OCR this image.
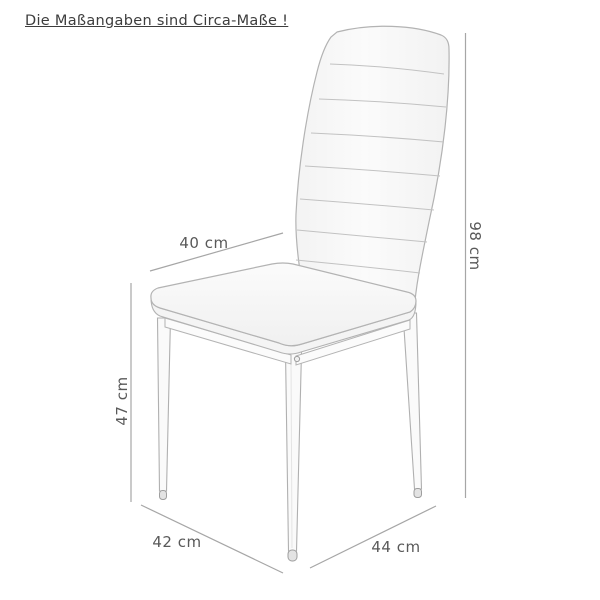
Die Maßangaben sind Circa-Maße !
40 cm	98 cm
47 cm
42 cm	44 cm
